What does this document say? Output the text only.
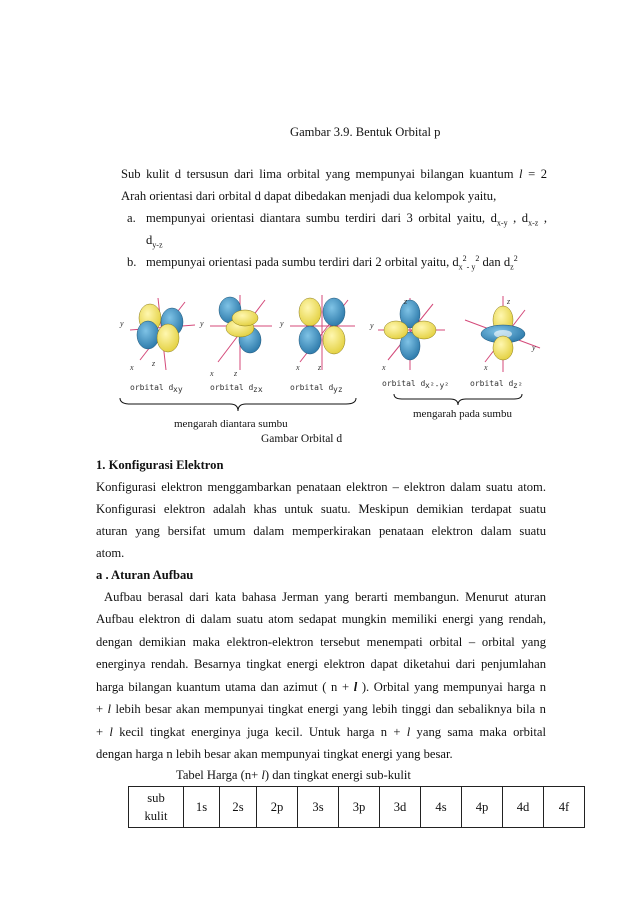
Gambar 3.9. Bentuk Orbital p
Sub kulit d tersusun dari lima orbital yang mempunyai bilangan kuantum l = 2
Arah orientasi dari orbital d dapat dibedakan menjadi dua kelompok yaitu,
a. mempunyai orientasi diantara sumbu terdiri dari 3 orbital yaitu, $d_{x-y}$ , $d_{x-z}$ ,
$d_{y-z}$
b. mempunyai orientasi pada sumbu terdiri dari 2 orbital yaitu, $d_x^2_{- y}^2$ dan $d_z^2$
y
x z
orbital d xy
y
x	z
orbital d zx
y
x z
orbital d yz
y
x
z
orbital d x²-y²
y
x
z
orbital d z²
mengarah pada sumbu
mengarah diantara sumbu
Gambar Orbital d
1. Konfigurasi Elektron
Konfigurasi elektron menggambarkan penataan elektron – elektron dalam suatu atom.
Konfigurasi elektron adalah khas untuk suatu. Meskipun demikian terdapat suatu
aturan yang bersifat umum dalam memperkirakan penataan elektron dalam suatu
atom.
a . Aturan Aufbau
Aufbau berasal dari kata bahasa Jerman yang berarti membangun. Menurut aturan
Aufbau elektron di dalam suatu atom sedapat mungkin memiliki energi yang rendah,
dengan demikian maka elektron-elektron tersebut menempati orbital – orbital yang
energinya rendah. Besarnya tingkat energi elektron dapat diketahui dari penjumlahan
harga bilangan kuantum utama dan azimut ( n + l ). Orbital yang mempunyai harga n
+ l lebih besar akan mempunyai tingkat energi yang lebih tinggi dan sebaliknya bila n
+ l kecil tingkat energinya juga kecil. Untuk harga n + l yang sama maka orbital
dengan harga n lebih besar akan mempunyai tingkat energi yang besar.
Tabel Harga (n+ l) dan tingkat energi sub-kulit
sub
kulit	1s	2s	2p	3s	3p	3d	4s	4p	4d	4f
